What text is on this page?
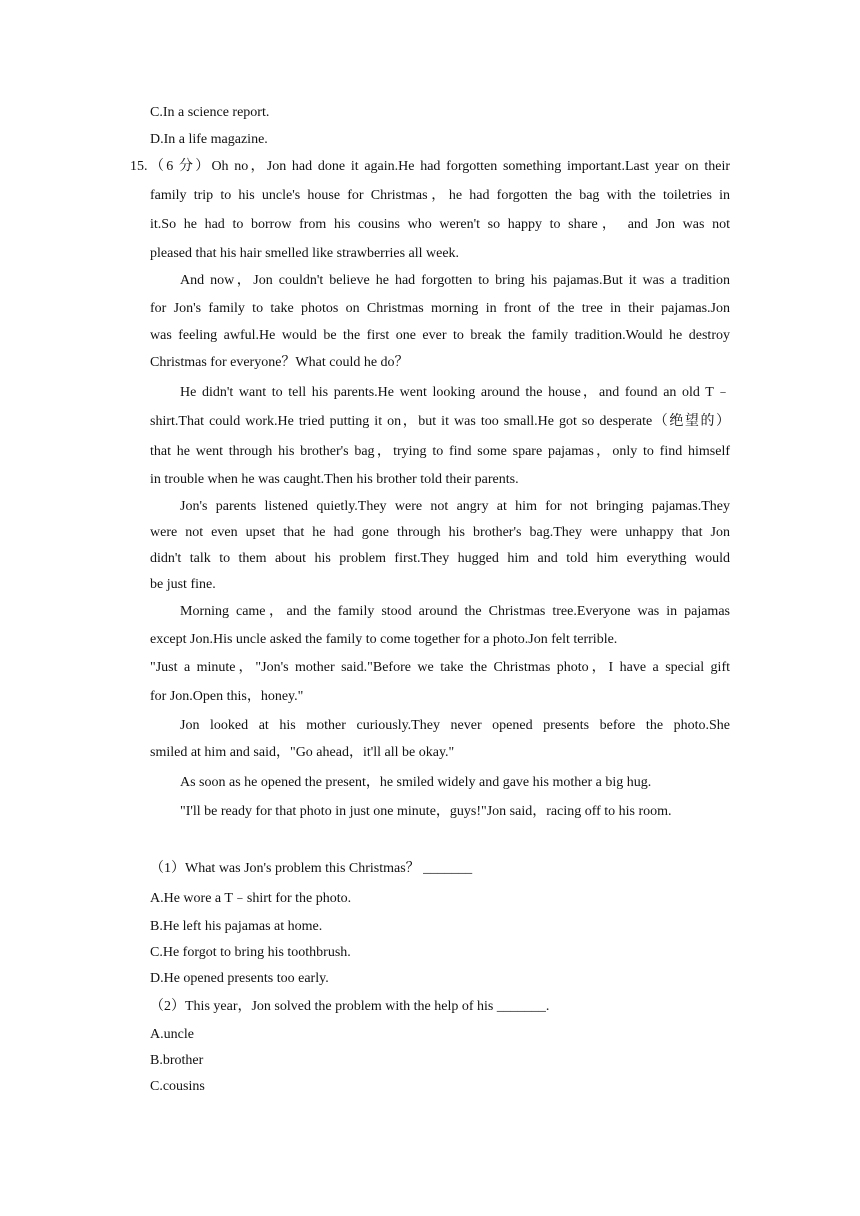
C.In a science report.
D.In a life magazine.
15. （6 分）Oh no，Jon had done it again.He had forgotten something important.Last year on their
family trip to his uncle's house for Christmas，he had forgotten the bag with the toiletries in
it.So he had to borrow from his cousins who weren't so happy to share， and Jon was not
pleased that his hair smelled like strawberries all week.
And now，Jon couldn't believe he had forgotten to bring his pajamas.But it was a tradition
for Jon's family to take photos on Christmas morning in front of the tree in their pajamas.Jon
was feeling awful.He would be the first one ever to break the family tradition.Would he destroy
Christmas for everyone？What could he do？
He didn't want to tell his parents.He went looking around the house，and found an old T﹣
shirt.That could work.He tried putting it on，but it was too small.He got so desperate（绝望的）
that he went through his brother's bag，trying to find some spare pajamas，only to find himself
in trouble when he was caught.Then his brother told their parents.
Jon's parents listened quietly.They were not angry at him for not bringing pajamas.They
were not even upset that he had gone through his brother's bag.They were unhappy that Jon
didn't talk to them about his problem first.They hugged him and told him everything would
be just fine.
Morning came，and the family stood around the Christmas tree.Everyone was in pajamas
except Jon.His uncle asked the family to come together for a photo.Jon felt terrible.
"Just a minute，"Jon's mother said."Before we take the Christmas photo，I have a special gift
for Jon.Open this，honey."
Jon looked at his mother curiously.They never opened presents before the photo.She
smiled at him and said，"Go ahead，it'll all be okay."
As soon as he opened the present，he smiled widely and gave his mother a big hug.
"I'll be ready for that photo in just one minute，guys!"Jon said，racing off to his room.
（1）What was Jon's problem this Christmas？ _______
A.He wore a T﹣shirt for the photo.
B.He left his pajamas at home.
C.He forgot to bring his toothbrush.
D.He opened presents too early.
（2）This year，Jon solved the problem with the help of his _______.
A.uncle
B.brother
C.cousins
